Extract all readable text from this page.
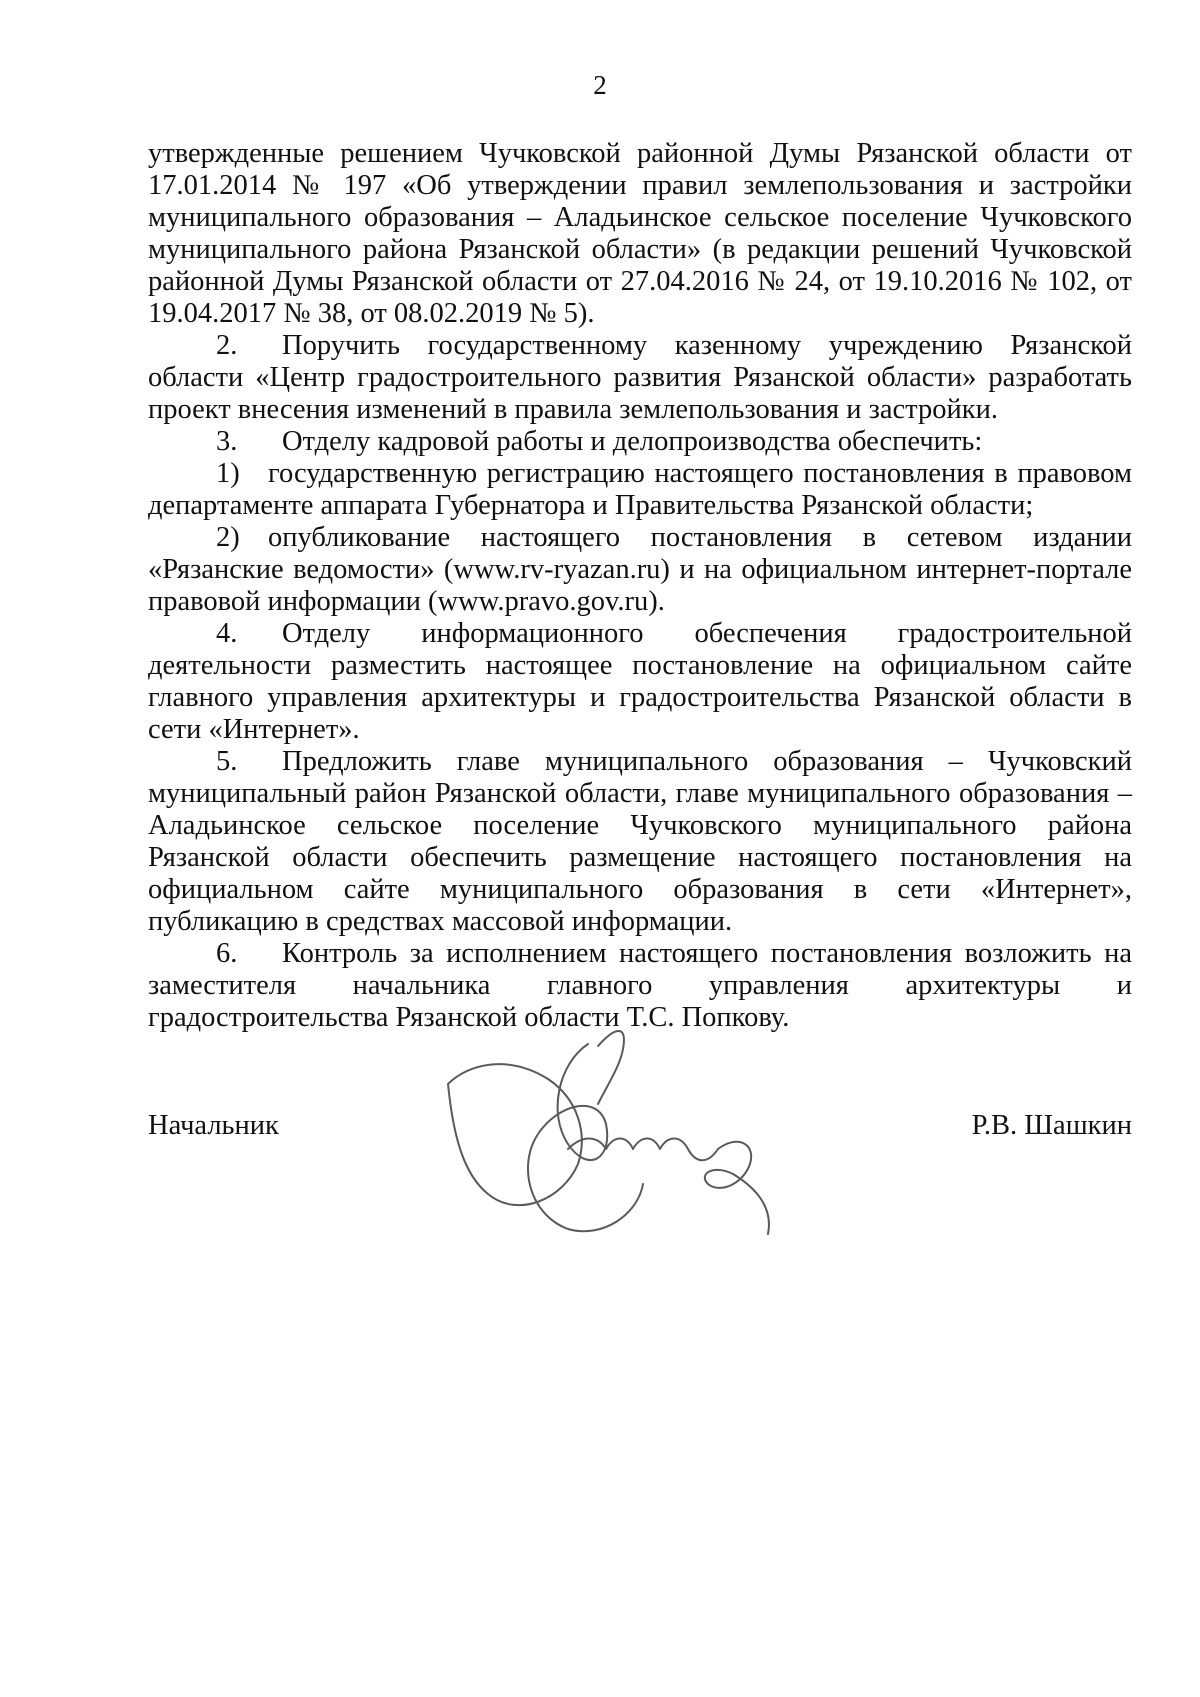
2

утвержденные решением Чучковской районной Думы Рязанской области от 17.01.2014 № 197 «Об утверждении правил землепользования и застройки муниципального образования – Аладьинское сельское поселение Чучковского муниципального района Рязанской области» (в редакции решений Чучковской районной Думы Рязанской области от 27.04.2016 № 24, от 19.10.2016 № 102, от 19.04.2017 № 38, от 08.02.2019 № 5).

2. Поручить государственному казенному учреждению Рязанской области «Центр градостроительного развития Рязанской области» разработать проект внесения изменений в правила землепользования и застройки.

3. Отделу кадровой работы и делопроизводства обеспечить:

1) государственную регистрацию настоящего постановления в правовом департаменте аппарата Губернатора и Правительства Рязанской области;

2) опубликование настоящего постановления в сетевом издании «Рязанские ведомости» (www.rv-ryazan.ru) и на официальном интернет-портале правовой информации (www.pravo.gov.ru).

4. Отделу информационного обеспечения градостроительной деятельности разместить настоящее постановление на официальном сайте главного управления архитектуры и градостроительства Рязанской области в сети «Интернет».

5. Предложить главе муниципального образования – Чучковский муниципальный район Рязанской области, главе муниципального образования – Аладьинское сельское поселение Чучковского муниципального района Рязанской области обеспечить размещение настоящего постановления на официальном сайте муниципального образования в сети «Интернет», публикацию в средствах массовой информации.

6. Контроль за исполнением настоящего постановления возложить на заместителя начальника главного управления архитектуры и градостроительства Рязанской области Т.С. Попкову.

Начальник	Р.В. Шашкин
